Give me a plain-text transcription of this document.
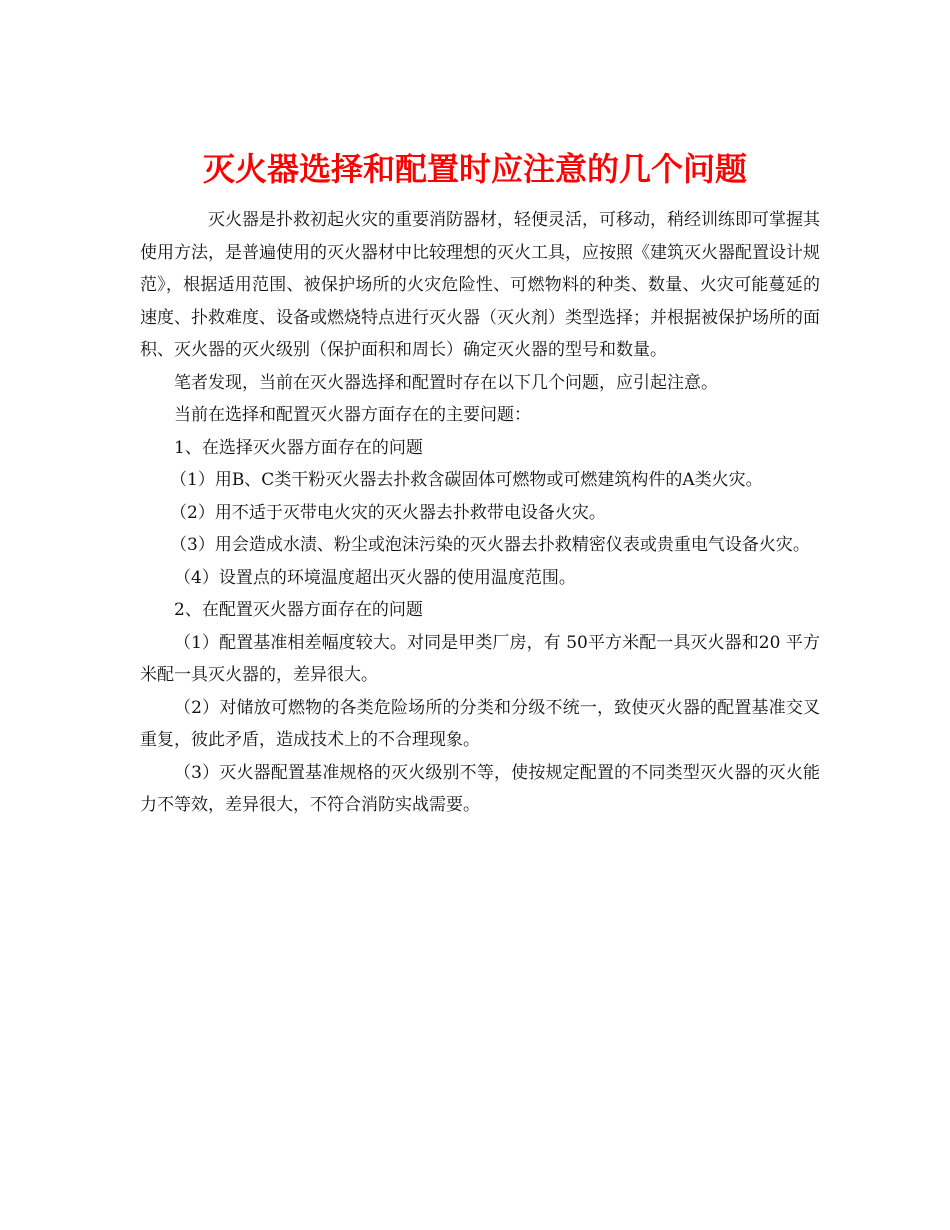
灭火器选择和配置时应注意的几个问题

灭火器是扑救初起火灾的重要消防器材，轻便灵活，可移动，稍经训练即可掌握其使用方法，是普遍使用的灭火器材中比较理想的灭火工具，应按照《建筑灭火器配置设计规范》，根据适用范围、被保护场所的火灾危险性、可燃物料的种类、数量、火灾可能蔓延的速度、扑救难度、设备或燃烧特点进行灭火器（灭火剂）类型选择；并根据被保护场所的面积、灭火器的灭火级别（保护面积和周长）确定灭火器的型号和数量。

笔者发现，当前在灭火器选择和配置时存在以下几个问题，应引起注意。

当前在选择和配置灭火器方面存在的主要问题：

1、在选择灭火器方面存在的问题

（1）用B、C类干粉灭火器去扑救含碳固体可燃物或可燃建筑构件的A类火灾。

（2）用不适于灭带电火灾的灭火器去扑救带电设备火灾。

（3）用会造成水渍、粉尘或泡沫污染的灭火器去扑救精密仪表或贵重电气设备火灾。

（4）设置点的环境温度超出灭火器的使用温度范围。

2、在配置灭火器方面存在的问题

（1）配置基准相差幅度较大。对同是甲类厂房，有 50平方米配一具灭火器和20 平方米配一具灭火器的，差异很大。

（2）对储放可燃物的各类危险场所的分类和分级不统一，致使灭火器的配置基准交叉重复，彼此矛盾，造成技术上的不合理现象。

（3）灭火器配置基准规格的灭火级别不等，使按规定配置的不同类型灭火器的灭火能力不等效，差异很大，不符合消防实战需要。
